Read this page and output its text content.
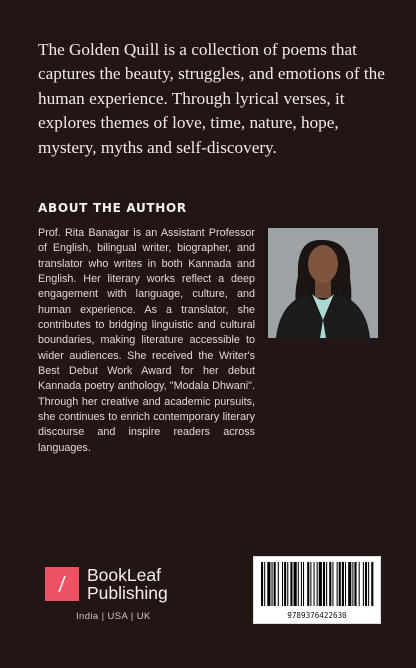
The Golden Quill is a collection of poems that captures the beauty, struggles, and emotions of the human experience. Through lyrical verses, it explores themes of love, time, nature, hope, mystery, myths and self-discovery.

ABOUT THE AUTHOR

Prof. Rita Banagar is an Assistant Professor of English, bilingual writer, biographer, and translator who writes in both Kannada and English. Her literary works reflect a deep engagement with language, culture, and human experience. As a translator, she contributes to bridging linguistic and cultural boundaries, making literature accessible to wider audiences. She received the Writer's Best Debut Work Award for her debut Kannada poetry anthology, "Modala Dhwani". Through her creative and academic pursuits, she continues to enrich contemporary literary discourse and inspire readers across languages.

BookLeaf
Publishing
India | USA | UK	9789376422630
